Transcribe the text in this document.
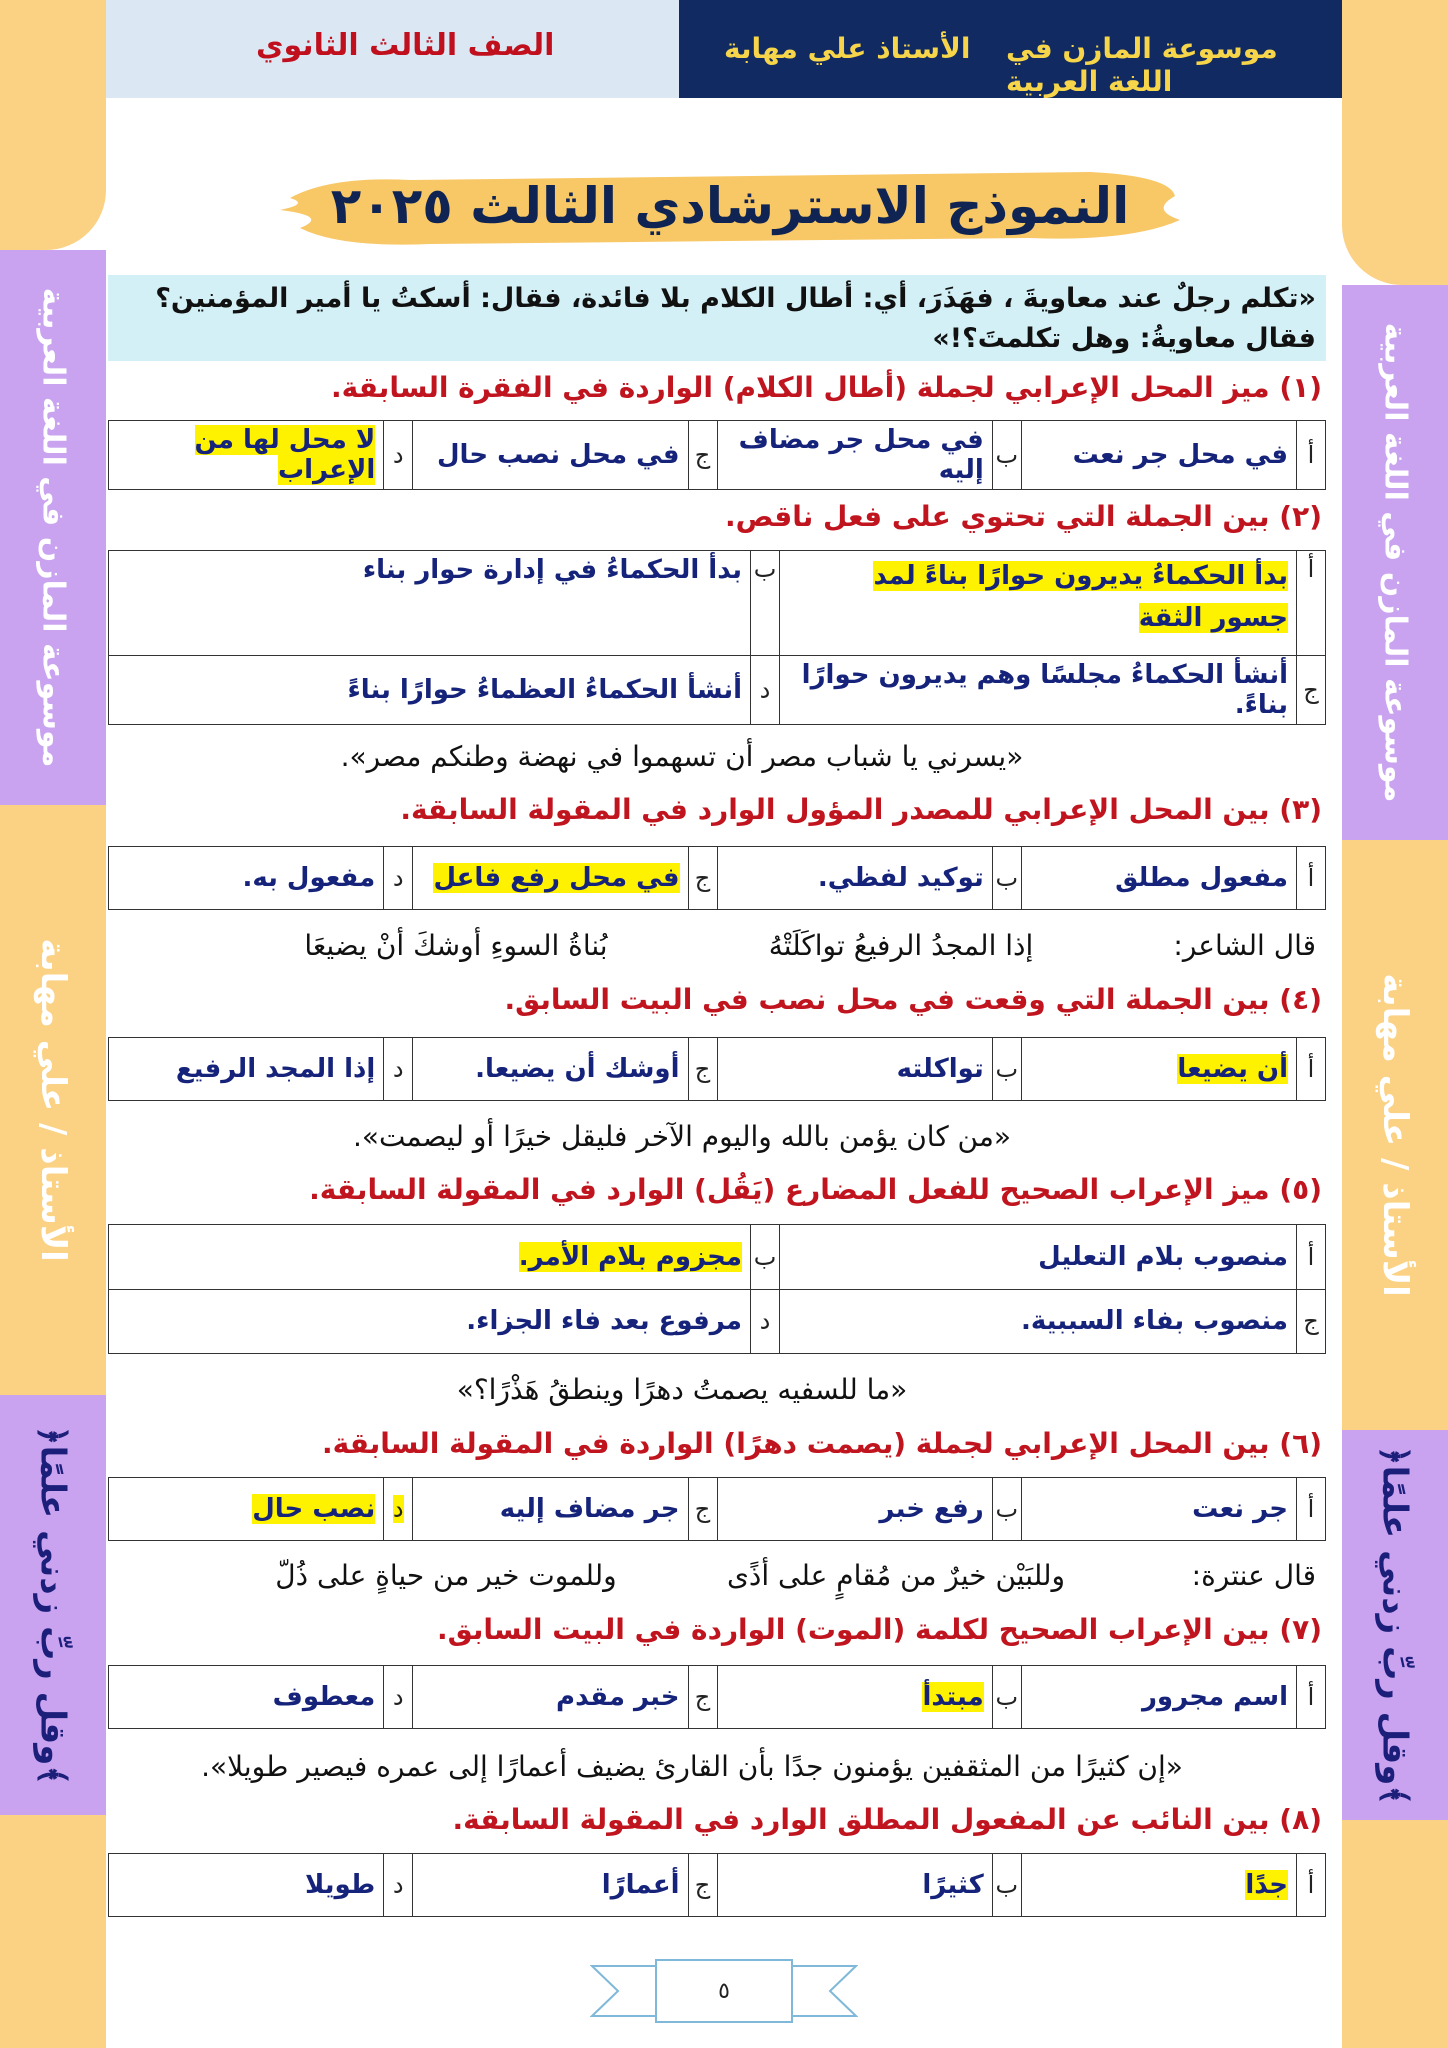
موسوعة المازن في اللغة العربية
الأستاذ / علي مهابة
﴿وقل ربِّ زدني علمًا﴾
موسوعة المازن في اللغة العربية
الأستاذ / علي مهابة
﴿وقل ربِّ زدني علمًا﴾
الصف الثالث الثانوي	الأستاذ علي مهابة موسوعة المازن في اللغة العربية
النموذج الاسترشادي الثالث ٢٠٢٥
«تكلم رجلٌ عند معاويةَ ، فهَذَرَ، أي: أطال الكلام بلا فائدة، فقال: أسكتُ يا أمير المؤمنين؟ فقال معاويةُ: وهل تكلمتَ؟!»
(١) ميز المحل الإعرابي لجملة (أطال الكلام) الواردة في الفقرة السابقة.
أ	في محل جر نعت	ب	في محل جر مضاف إليه	ج	في محل نصب حال	د	لا محل لها من الإعراب
(٢) بين الجملة التي تحتوي على فعل ناقص.
أ	بدأ الحكماءُ يديرون حوارًا بناءً لمد جسور الثقة	ب	بدأ الحكماءُ في إدارة حوار بناء
ج	أنشأ الحكماءُ مجلسًا وهم يديرون حوارًا بناءً.	د	أنشأ الحكماءُ العظماءُ حوارًا بناءً
«يسرني يا شباب مصر أن تسهموا في نهضة وطنكم مصر».
(٣) بين المحل الإعرابي للمصدر المؤول الوارد في المقولة السابقة.
أ	مفعول مطلق	ب	توكيد لفظي.	ج	في محل رفع فاعل	د	مفعول به.
قال الشاعر:
إذا المجدُ الرفيعُ تواكَلَتْهُ
بُناةُ السوءِ أوشكَ أنْ يضيعَا
(٤) بين الجملة التي وقعت في محل نصب في البيت السابق.
أ	أن يضيعا	ب	تواكلته	ج	أوشك أن يضيعا.	د	إذا المجد الرفيع
«من كان يؤمن بالله واليوم الآخر فليقل خيرًا أو ليصمت».
(٥) ميز الإعراب الصحيح للفعل المضارع (يَقُل) الوارد في المقولة السابقة.
أ	منصوب بلام التعليل	ب	مجزوم بلام الأمر.
ج	منصوب بفاء السببية.	د	مرفوع بعد فاء الجزاء.
«ما للسفيه يصمتُ دهرًا وينطقُ هَذْرًا؟»
(٦) بين المحل الإعرابي لجملة (يصمت دهرًا) الواردة في المقولة السابقة.
أ	جر نعت	ب	رفع خبر	ج	جر مضاف إليه	د	نصب حال
قال عنترة:
وللبَيْن خيرٌ من مُقامٍ على أذًى
وللموت خير من حياةٍ على ذُلّ
(٧) بين الإعراب الصحيح لكلمة (الموت) الواردة في البيت السابق.
أ	اسم مجرور	ب	مبتدأ	ج	خبر مقدم	د	معطوف
«إن كثيرًا من المثقفين يؤمنون جدًا بأن القارئ يضيف أعمارًا إلى عمره فيصير طويلا».
(٨) بين النائب عن المفعول المطلق الوارد في المقولة السابقة.
أ	جدًا	ب	كثيرًا	ج	أعمارًا	د	طويلا
٥
